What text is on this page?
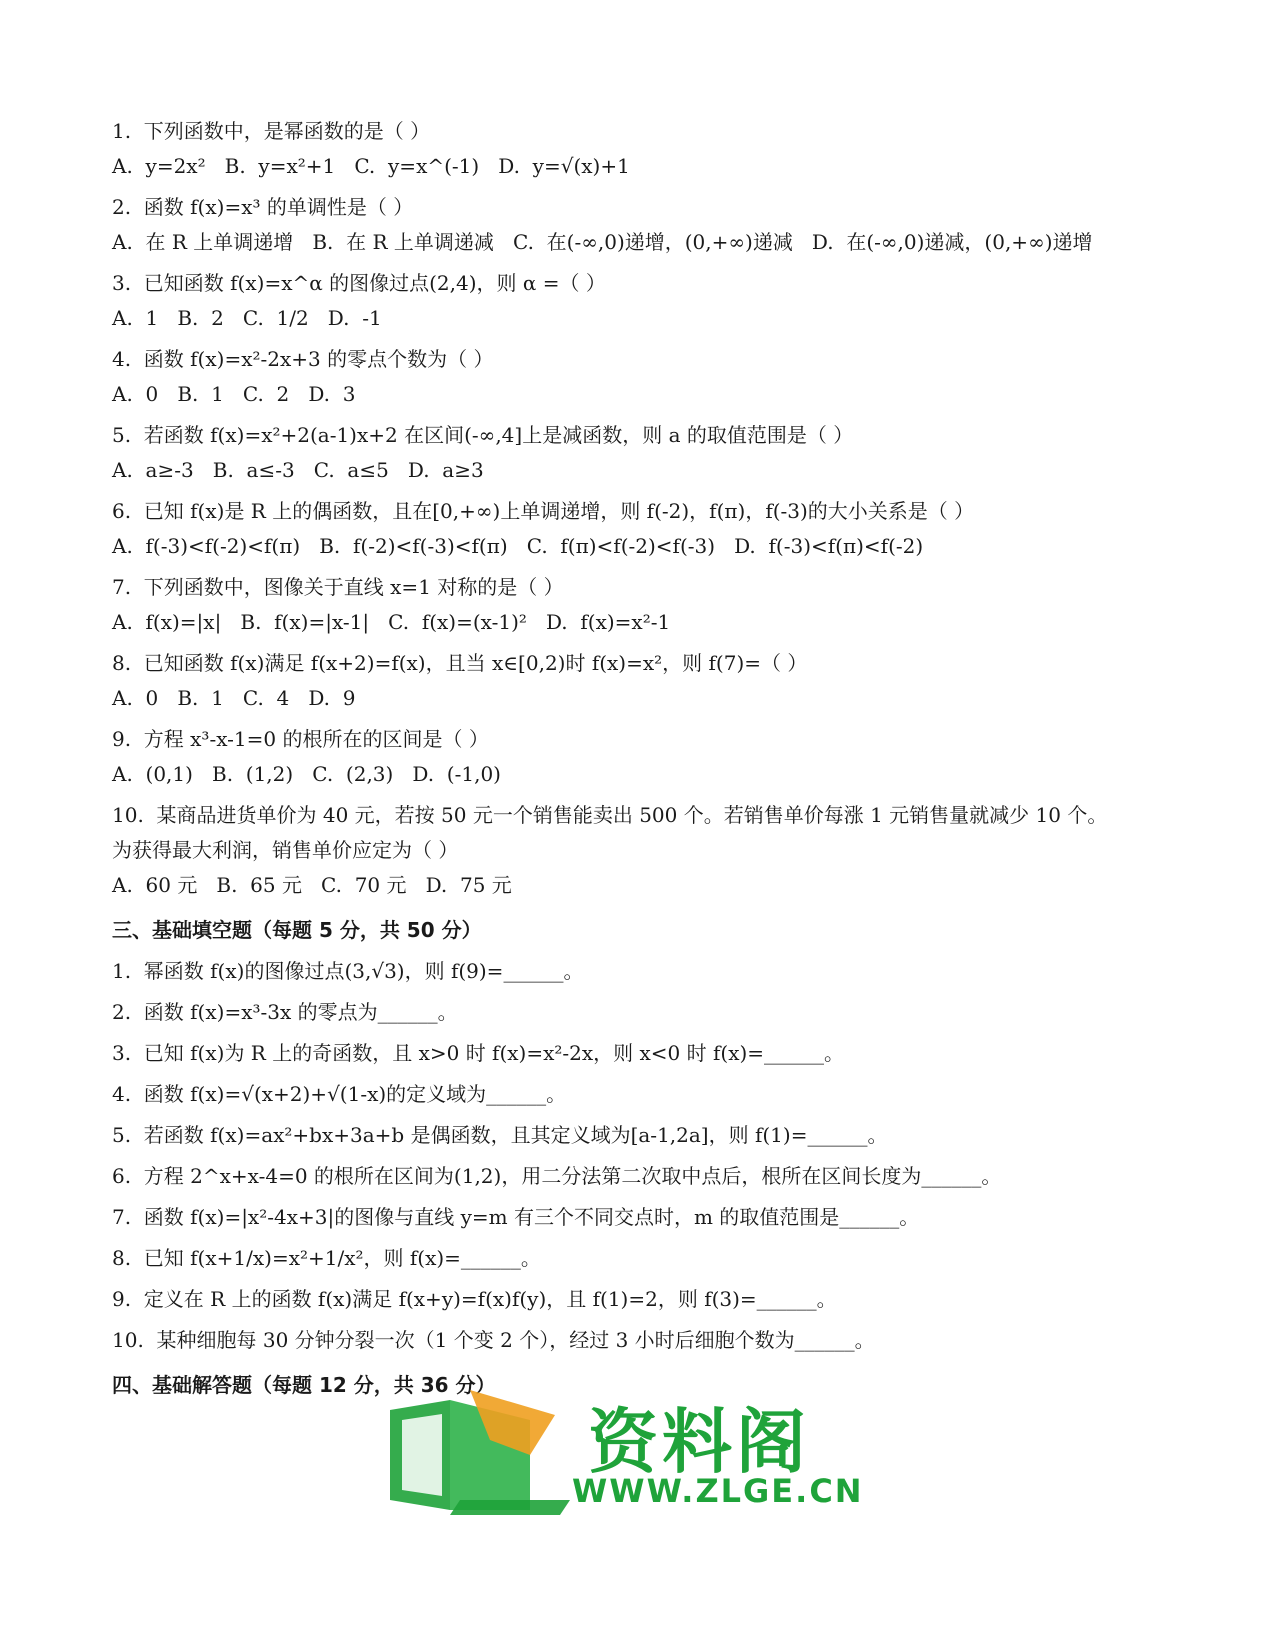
1.  下列函数中，是幂函数的是（ ）
A.  y=2x²   B.  y=x²+1   C.  y=x^(-1)   D.  y=√(x)+1
2.  函数 f(x)=x³ 的单调性是（ ）
A.  在 R 上单调递增   B.  在 R 上单调递减   C.  在(-∞,0)递增，(0,+∞)递减   D.  在(-∞,0)递减，(0,+∞)递增
3.  已知函数 f(x)=x^α 的图像过点(2,4)，则 α =（ ）
A.  1   B.  2   C.  1/2   D.  -1
4.  函数 f(x)=x²-2x+3 的零点个数为（ ）
A.  0   B.  1   C.  2   D.  3
5.  若函数 f(x)=x²+2(a-1)x+2 在区间(-∞,4]上是减函数，则 a 的取值范围是（ ）
A.  a≥-3   B.  a≤-3   C.  a≤5   D.  a≥3
6.  已知 f(x)是 R 上的偶函数，且在[0,+∞)上单调递增，则 f(-2)，f(π)，f(-3)的大小关系是（ ）
A.  f(-3)<f(-2)<f(π)   B.  f(-2)<f(-3)<f(π)   C.  f(π)<f(-2)<f(-3)   D.  f(-3)<f(π)<f(-2)
7.  下列函数中，图像关于直线 x=1 对称的是（ ）
A.  f(x)=|x|   B.  f(x)=|x-1|   C.  f(x)=(x-1)²   D.  f(x)=x²-1
8.  已知函数 f(x)满足 f(x+2)=f(x)，且当 x∈[0,2)时 f(x)=x²，则 f(7)=（ ）
A.  0   B.  1   C.  4   D.  9
9.  方程 x³-x-1=0 的根所在的区间是（ ）
A.  (0,1)   B.  (1,2)   C.  (2,3)   D.  (-1,0)
10.  某商品进货单价为 40 元，若按 50 元一个销售能卖出 500 个。若销售单价每涨 1 元销售量就减少 10 个。为获得最大利润，销售单价应定为（ ）
A.  60 元   B.  65 元   C.  70 元   D.  75 元
三、基础填空题（每题 5 分，共 50 分）
1.  幂函数 f(x)的图像过点(3,√3)，则 f(9)=______。
2.  函数 f(x)=x³-3x 的零点为______。
3.  已知 f(x)为 R 上的奇函数，且 x>0 时 f(x)=x²-2x，则 x<0 时 f(x)=______。
4.  函数 f(x)=√(x+2)+√(1-x)的定义域为______。
5.  若函数 f(x)=ax²+bx+3a+b 是偶函数，且其定义域为[a-1,2a]，则 f(1)=______。
6.  方程 2^x+x-4=0 的根所在区间为(1,2)，用二分法第二次取中点后，根所在区间长度为______。
7.  函数 f(x)=|x²-4x+3|的图像与直线 y=m 有三个不同交点时，m 的取值范围是______。
8.  已知 f(x+1/x)=x²+1/x²，则 f(x)=______。
9.  定义在 R 上的函数 f(x)满足 f(x+y)=f(x)f(y)，且 f(1)=2，则 f(3)=______。
10.  某种细胞每 30 分钟分裂一次（1 个变 2 个），经过 3 小时后细胞个数为______。
四、基础解答题（每题 12 分，共 36 分）
资料阁
WWW.ZLGE.CN
